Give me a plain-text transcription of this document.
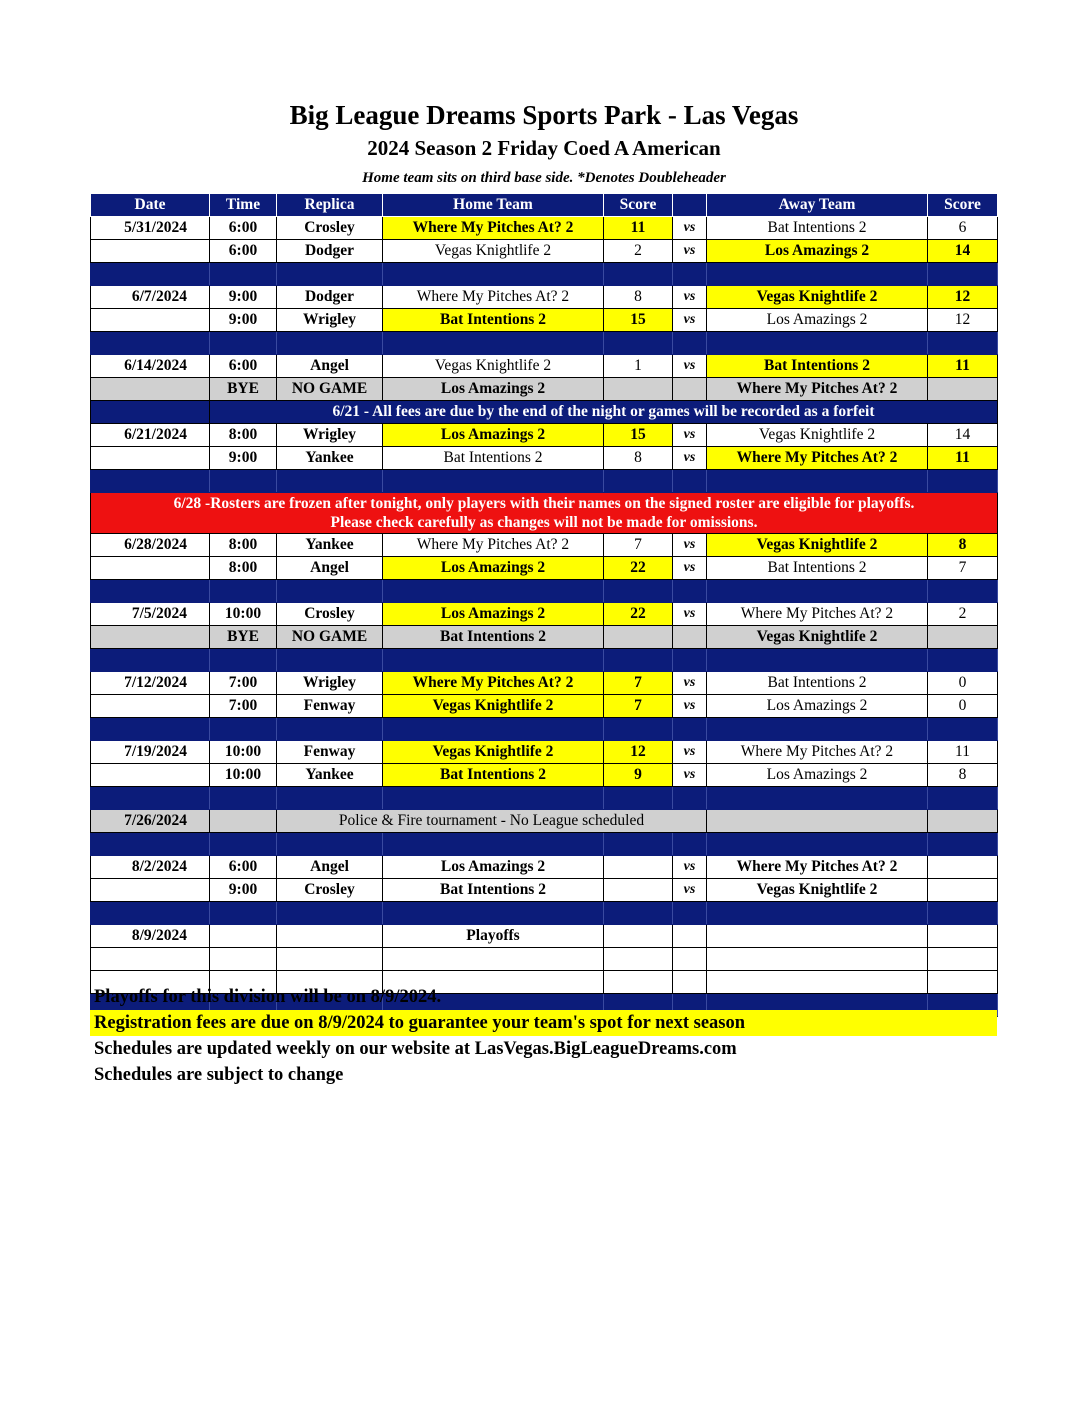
Big League Dreams Sports Park - Las Vegas
2024 Season 2 Friday Coed A American
Home team sits on third base side. *Denotes Doubleheader
Date	Time	Replica	Home Team	Score		Away Team	Score
5/31/2024	6:00	Crosley	Where My Pitches At? 2	11	vs	Bat Intentions 2	6
	6:00	Dodger	Vegas Knightlife 2	2	vs	Los Amazings 2	14

6/7/2024	9:00	Dodger	Where My Pitches At? 2	8	vs	Vegas Knightlife 2	12
	9:00	Wrigley	Bat Intentions 2	15	vs	Los Amazings 2	12

6/14/2024	6:00	Angel	Vegas Knightlife 2	1	vs	Bat Intentions 2	11
	BYE	NO GAME	Los Amazings 2			Where My Pitches At? 2	
	6/21 - All fees are due by the end of the night or games will be recorded as a forfeit						
6/21/2024	8:00	Wrigley	Los Amazings 2	15	vs	Vegas Knightlife 2	14
	9:00	Yankee	Bat Intentions 2	8	vs	Where My Pitches At? 2	11

6/28 -Rosters are frozen after tonight, only players with their names on the signed roster are eligible for playoffs.
Please check carefully as changes will not be made for omissions.							

6/28/2024	8:00	Yankee	Where My Pitches At? 2	7	vs	Vegas Knightlife 2	8
	8:00	Angel	Los Amazings 2	22	vs	Bat Intentions 2	7

7/5/2024	10:00	Crosley	Los Amazings 2	22	vs	Where My Pitches At? 2	2
	BYE	NO GAME	Bat Intentions 2			Vegas Knightlife 2	

7/12/2024	7:00	Wrigley	Where My Pitches At? 2	7	vs	Bat Intentions 2	0
	7:00	Fenway	Vegas Knightlife 2	7	vs	Los Amazings 2	0

7/19/2024	10:00	Fenway	Vegas Knightlife 2	12	vs	Where My Pitches At? 2	11
	10:00	Yankee	Bat Intentions 2	9	vs	Los Amazings 2	8

7/26/2024		Police & Fire tournament - No League scheduled					

8/2/2024	6:00	Angel	Los Amazings 2		vs	Where My Pitches At? 2	
	9:00	Crosley	Bat Intentions 2		vs	Vegas Knightlife 2	

8/9/2024			Playoffs				

Playoffs for this division will be on 8/9/2024.
Registration fees are due on 8/9/2024 to guarantee your team's spot for next season
Schedules are updated weekly on our website at LasVegas.BigLeagueDreams.com
Schedules are subject to change
